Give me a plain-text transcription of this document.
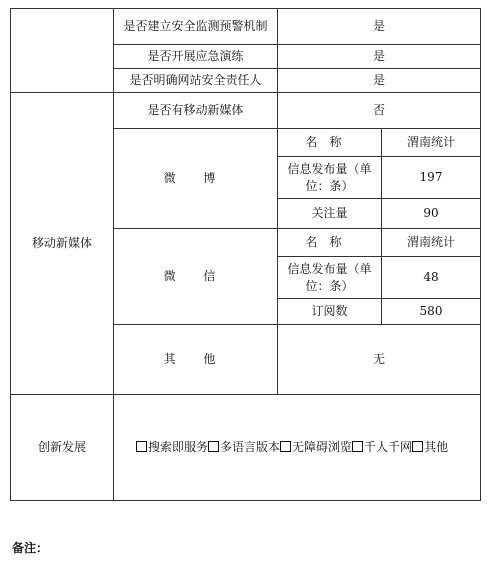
	是否建立安全监测预警机制	是	
	是否开展应急演练	是	
	是否明确网站安全责任人	是	
移动新媒体	是否有移动新媒体	否	
	微 博	名称	渭南统计
		信息发布量（单位：条）	197
		关注量	90
	微 信	名称	渭南统计
		信息发布量（单位：条）	48
		订阅数	580
	其 他	无	

创新发展	搜索即服务 多语言版本 无障碍浏览 千人千网 其他		
备注：
